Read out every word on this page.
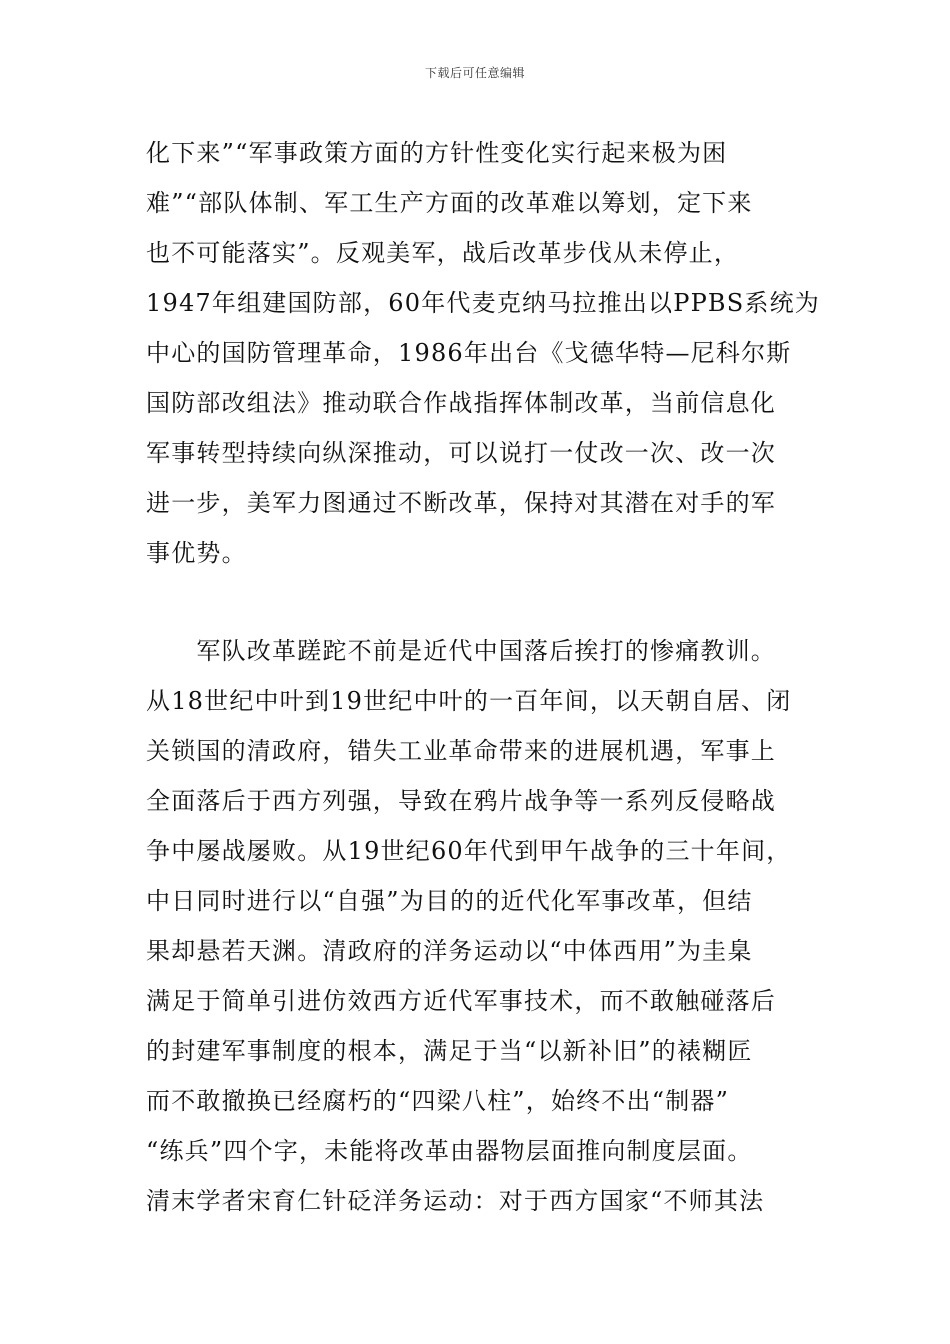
下载后可任意编辑
化下来”“军事政策方面的方针性变化实行起来极为困
难”“部队体制、军工生产方面的改革难以筹划，定下来
也不可能落实”。反观美军，战后改革步伐从未停止，
1947年组建国防部，60年代麦克纳马拉推出以PPBS系统为
中心的国防管理革命，1986年出台《戈德华特—尼科尔斯
国防部改组法》推动联合作战指挥体制改革，当前信息化
军事转型持续向纵深推动，可以说打一仗改一次、改一次
进一步，美军力图通过不断改革，保持对其潜在对手的军
事优势。
　　军队改革蹉跎不前是近代中国落后挨打的惨痛教训。
从18世纪中叶到19世纪中叶的一百年间，以天朝自居、闭
关锁国的清政府，错失工业革命带来的进展机遇，军事上
全面落后于西方列强，导致在鸦片战争等一系列反侵略战
争中屡战屡败。从19世纪60年代到甲午战争的三十年间，
中日同时进行以“自强”为目的的近代化军事改革，但结
果却悬若天渊。清政府的洋务运动以“中体西用”为圭臬
满足于简单引进仿效西方近代军事技术，而不敢触碰落后
的封建军事制度的根本，满足于当“以新补旧”的裱糊匠
而不敢撤换已经腐朽的“四梁八柱”，始终不出“制器”
“练兵”四个字，未能将改革由器物层面推向制度层面。
清末学者宋育仁针砭洋务运动：对于西方国家“不师其法
